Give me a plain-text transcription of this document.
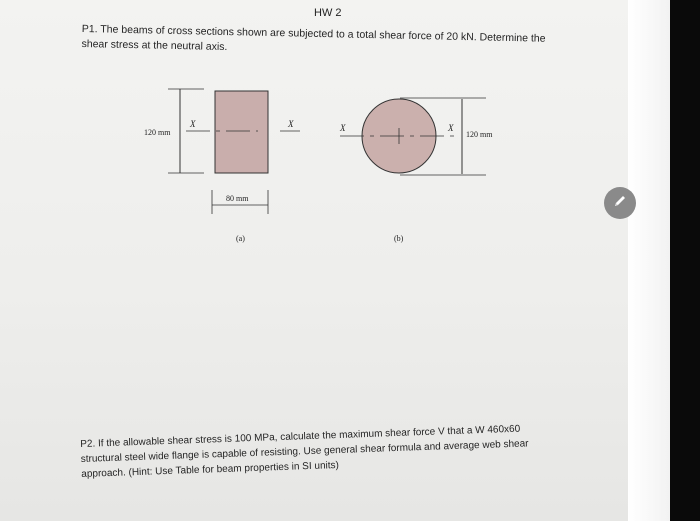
HW 2
P1. The beams of cross sections shown are subjected to a total shear force of 20 kN. Determine the shear stress at the neutral axis.
120 mm
X	X
80 mm
(a)
X	X
120 mm
(b)
P2. If the allowable shear stress is 100 MPa, calculate the maximum shear force V that a W 460x60 structural steel wide flange is capable of resisting. Use general shear formula and average web shear approach. (Hint: Use Table for beam properties in SI units)
